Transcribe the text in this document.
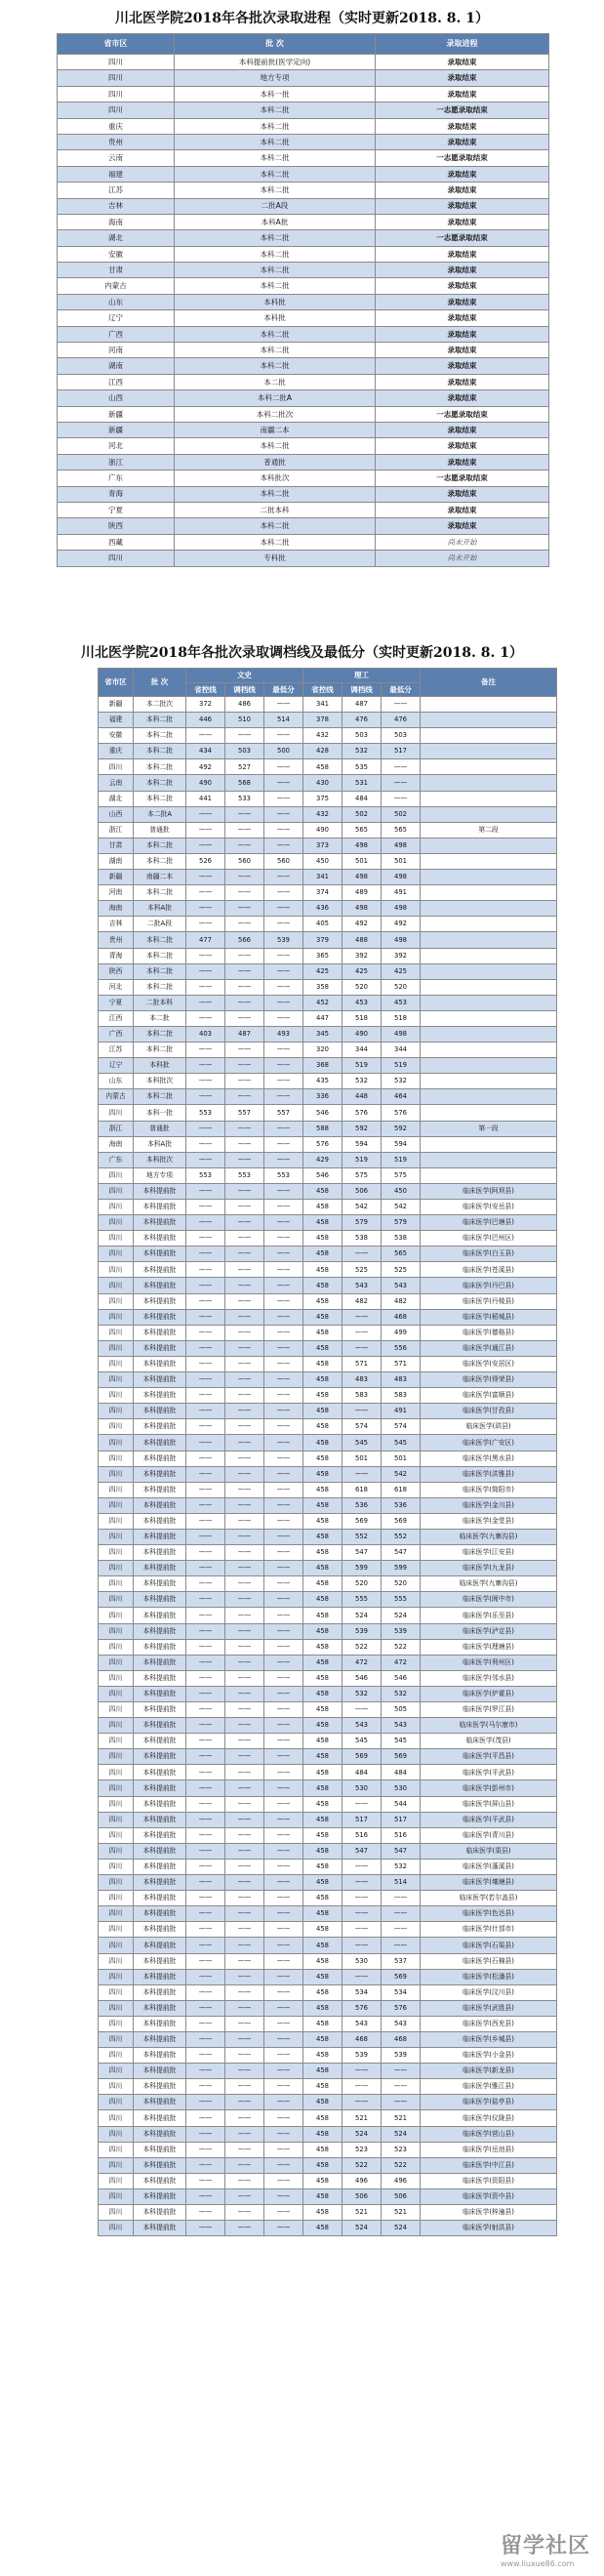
川北医学院2018年各批次录取进程（实时更新2018. 8. 1）
省市区	批 次	录取进程
四川	本科提前批(医学定向)	录取结束
四川	地方专项	录取结束
四川	本科一批	录取结束
四川	本科二批	一志愿录取结束
重庆	本科二批	录取结束
贵州	本科二批	录取结束
云南	本科二批	一志愿录取结束
福建	本科二批	录取结束
江苏	本科二批	录取结束
吉林	二批A段	录取结束
海南	本科A批	录取结束
湖北	本科二批	一志愿录取结束
安徽	本科二批	录取结束
甘肃	本科二批	录取结束
内蒙古	本科二批	录取结束
山东	本科批	录取结束
辽宁	本科批	录取结束
广西	本科二批	录取结束
河南	本科二批	录取结束
湖南	本科二批	录取结束
江西	本二批	录取结束
山西	本科二批A	录取结束
新疆	本科二批次	一志愿录取结束
新疆	南疆二本	录取结束
河北	本科二批	录取结束
浙江	普通批	录取结束
广东	本科批次	一志愿录取结束
青海	本科二批	录取结束
宁夏	二批本科	录取结束
陕西	本科二批	录取结束
西藏	本科二批	尚未开始
四川	专科批	尚未开始
川北医学院2018年各批次录取调档线及最低分（实时更新2018. 8. 1）
省市区	批 次	文史			理工			备注
		省控线	调档线	最低分	省控线	调档线	最低分	
新疆	本二批次	372	486	——	341	487	——	
福建	本科二批	446	510	514	378	476	476	
安徽	本科二批	——	——	——	432	503	503	
重庆	本科二批	434	503	500	428	532	517	
四川	本科二批	492	527	——	458	535	——	
云南	本科二批	490	568	——	430	531	——	
湖北	本科二批	441	533	——	375	484	——	
山西	本二批A	——	——	——	432	502	502	
浙江	普通批	——	——	——	490	565	565	第二段
甘肃	本科二批	——	——	——	373	498	498	
湖南	本科二批	526	560	560	450	501	501	
新疆	南疆二本	——	——	——	341	498	498	
河南	本科二批	——	——	——	374	489	491	
海南	本科A批	——	——	——	436	498	498	
吉林	二批A段	——	——	——	405	492	492	
贵州	本科二批	477	566	539	379	488	498	
青海	本科二批	——	——	——	365	392	392	
陕西	本科二批	——	——	——	425	425	425	
河北	本科二批	——	——	——	358	520	520	
宁夏	二批本科	——	——	——	452	453	453	
江西	本二批	——	——	——	447	518	518	
广西	本科二批	403	487	493	345	490	498	
江苏	本科二批	——	——	——	320	344	344	
辽宁	本科批	——	——	——	368	519	519	
山东	本科批次	——	——	——	435	532	532	
内蒙古	本科二批	——	——	——	336	448	464	
四川	本科一批	553	557	557	546	576	576	
浙江	普通批	——	——	——	588	592	592	第一段
海南	本科A批	——	——	——	576	594	594	
广东	本科批次	——	——	——	429	519	519	
四川	地方专项	553	553	553	546	575	575	
四川	本科提前批	——	——	——	458	506	450	临床医学(阿坝县)
四川	本科提前批	——	——	——	458	542	542	临床医学(安岳县)
四川	本科提前批	——	——	——	458	579	579	临床医学(巴塘县)
四川	本科提前批	——	——	——	458	538	538	临床医学(巴州区)
四川	本科提前批	——	——	——	458	——	565	临床医学(白玉县)
四川	本科提前批	——	——	——	458	525	525	临床医学(苍溪县)
四川	本科提前批	——	——	——	458	543	543	临床医学(丹巴县)
四川	本科提前批	——	——	——	458	482	482	临床医学(丹棱县)
四川	本科提前批	——	——	——	458	——	468	临床医学(稻城县)
四川	本科提前批	——	——	——	458	——	499	临床医学(德格县)
四川	本科提前批	——	——	——	458	——	556	临床医学(通江县)
四川	本科提前批	——	——	——	458	571	571	临床医学(安居区)
四川	本科提前批	——	——	——	458	483	483	临床医学(得荣县)
四川	本科提前批	——	——	——	458	583	583	临床医学(富顺县)
四川	本科提前批	——	——	——	458	——	491	临床医学(甘孜县)
四川	本科提前批	——	——	——	458	574	574	临床医学(珙县)
四川	本科提前批	——	——	——	458	545	545	临床医学(广安区)
四川	本科提前批	——	——	——	458	501	501	临床医学(黑水县)
四川	本科提前批	——	——	——	458	——	542	临床医学(洪雅县)
四川	本科提前批	——	——	——	458	618	618	临床医学(简阳市)
四川	本科提前批	——	——	——	458	536	536	临床医学(金川县)
四川	本科提前批	——	——	——	458	569	569	临床医学(金堂县)
四川	本科提前批	——	——	——	458	552	552	临床医学(九寨沟县)
四川	本科提前批	——	——	——	458	547	547	临床医学(江安县)
四川	本科提前批	——	——	——	458	599	599	临床医学(九龙县)
四川	本科提前批	——	——	——	458	520	520	临床医学(九寨沟县)
四川	本科提前批	——	——	——	458	555	555	临床医学(阆中市)
四川	本科提前批	——	——	——	458	524	524	临床医学(乐至县)
四川	本科提前批	——	——	——	458	539	539	临床医学(泸定县)
四川	本科提前批	——	——	——	458	522	522	临床医学(理塘县)
四川	本科提前批	——	——	——	458	472	472	临床医学(利州区)
四川	本科提前批	——	——	——	458	546	546	临床医学(邻水县)
四川	本科提前批	——	——	——	458	532	532	临床医学(炉霍县)
四川	本科提前批	——	——	——	458	——	505	临床医学(罗江县)
四川	本科提前批	——	——	——	458	543	543	临床医学(马尔康市)
四川	本科提前批	——	——	——	458	545	545	临床医学(茂县)
四川	本科提前批	——	——	——	458	569	569	临床医学(平昌县)
四川	本科提前批	——	——	——	458	484	484	临床医学(平武县)
四川	本科提前批	——	——	——	458	530	530	临床医学(彭州市)
四川	本科提前批	——	——	——	458	——	544	临床医学(屏山县)
四川	本科提前批	——	——	——	458	517	517	临床医学(平武县)
四川	本科提前批	——	——	——	458	516	516	临床医学(青川县)
四川	本科提前批	——	——	——	458	547	547	临床医学(渠县)
四川	本科提前批	——	——	——	458	——	532	临床医学(蓬溪县)
四川	本科提前批	——	——	——	458	——	514	临床医学(壤塘县)
四川	本科提前批	——	——	——	458	——	——	临床医学(若尔盖县)
四川	本科提前批	——	——	——	458	——	——	临床医学(色达县)
四川	本科提前批	——	——	——	458	——	——	临床医学(什邡市)
四川	本科提前批	——	——	——	458	——	——	临床医学(石渠县)
四川	本科提前批	——	——	——	458	530	537	临床医学(石棉县)
四川	本科提前批	——	——	——	458	——	569	临床医学(松潘县)
四川	本科提前批	——	——	——	458	534	534	临床医学(汶川县)
四川	本科提前批	——	——	——	458	576	576	临床医学(武胜县)
四川	本科提前批	——	——	——	458	543	543	临床医学(西充县)
四川	本科提前批	——	——	——	458	468	468	临床医学(乡城县)
四川	本科提前批	——	——	——	458	539	539	临床医学(小金县)
四川	本科提前批	——	——	——	458	——	——	临床医学(新龙县)
四川	本科提前批	——	——	——	458	——	——	临床医学(雅江县)
四川	本科提前批	——	——	——	458	——	——	临床医学(盐亭县)
四川	本科提前批	——	——	——	458	521	521	临床医学(仪陇县)
四川	本科提前批	——	——	——	458	524	524	临床医学(营山县)
四川	本科提前批	——	——	——	458	523	523	临床医学(岳池县)
四川	本科提前批	——	——	——	458	522	522	临床医学(中江县)
四川	本科提前批	——	——	——	458	496	496	临床医学(资阳县)
四川	本科提前批	——	——	——	458	506	506	临床医学(资中县)
四川	本科提前批	——	——	——	458	521	521	临床医学(梓潼县)
四川	本科提前批	——	——	——	458	524	524	临床医学(射洪县)
留学社区
www.liuxue86.com
